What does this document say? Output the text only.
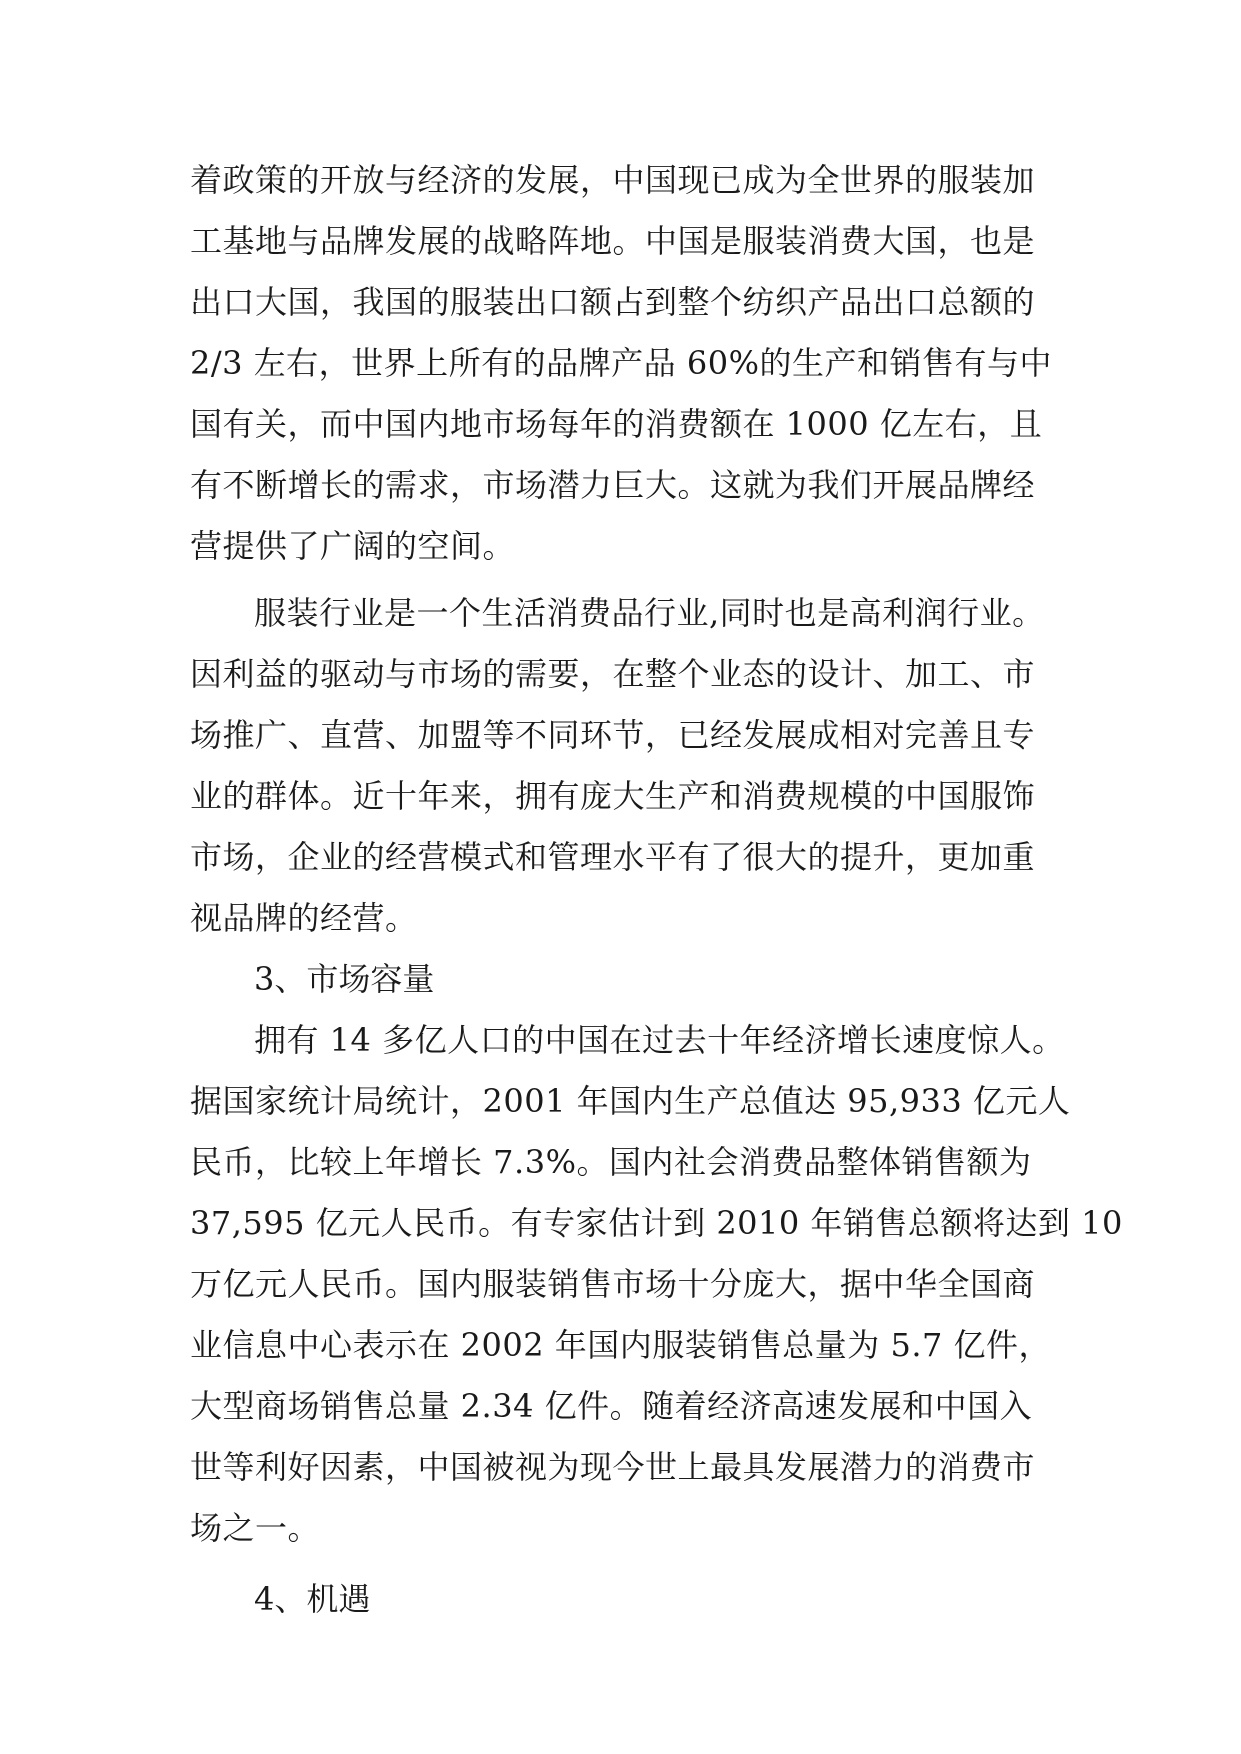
着政策的开放与经济的发展，中国现已成为全世界的服装加
工基地与品牌发展的战略阵地。中国是服装消费大国，也是
出口大国，我国的服装出口额占到整个纺织产品出口总额的
2/3 左右，世界上所有的品牌产品 60%的生产和销售有与中
国有关，而中国内地市场每年的消费额在 1000 亿左右，且
有不断增长的需求，市场潜力巨大。这就为我们开展品牌经
营提供了广阔的空间。

服装行业是一个生活消费品行业,同时也是高利润行业。
因利益的驱动与市场的需要，在整个业态的设计、加工、市
场推广、直营、加盟等不同环节，已经发展成相对完善且专
业的群体。近十年来，拥有庞大生产和消费规模的中国服饰
市场，企业的经营模式和管理水平有了很大的提升，更加重
视品牌的经营。

3、市场容量

拥有 14 多亿人口的中国在过去十年经济增长速度惊人。
据国家统计局统计，2001 年国内生产总值达 95,933 亿元人
民币，比较上年增长 7.3%。国内社会消费品整体销售额为
37,595 亿元人民币。有专家估计到 2010 年销售总额将达到 10
万亿元人民币。国内服装销售市场十分庞大，据中华全国商
业信息中心表示在 2002 年国内服装销售总量为 5.7 亿件，
大型商场销售总量 2.34 亿件。随着经济高速发展和中国入
世等利好因素，中国被视为现今世上最具发展潜力的消费市
场之一。

4、机遇
